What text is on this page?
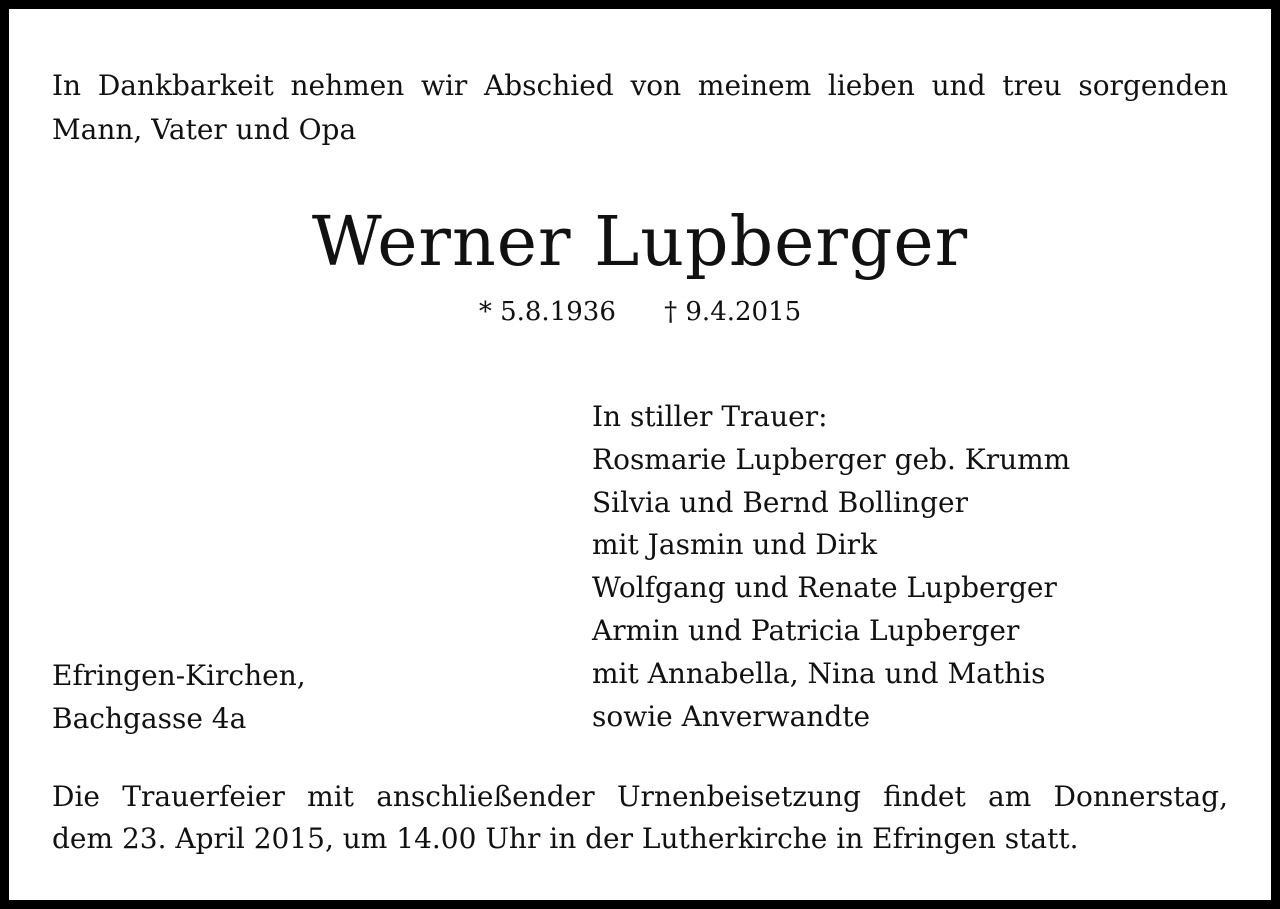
In Dankbarkeit nehmen wir Abschied von meinem lieben und treu sorgenden
Mann, Vater und Opa
Werner Lupberger
* 5.8.1936 † 9.4.2015
In stiller Trauer:
Rosmarie Lupberger geb. Krumm
Silvia und Bernd Bollinger
mit Jasmin und Dirk
Wolfgang und Renate Lupberger
Armin und Patricia Lupberger
mit Annabella, Nina und Mathis
sowie Anverwandte
Efringen-Kirchen,
Bachgasse 4a
Die Trauerfeier mit anschließender Urnenbeisetzung findet am Donnerstag,
dem 23. April 2015, um 14.00 Uhr in der Lutherkirche in Efringen statt.
